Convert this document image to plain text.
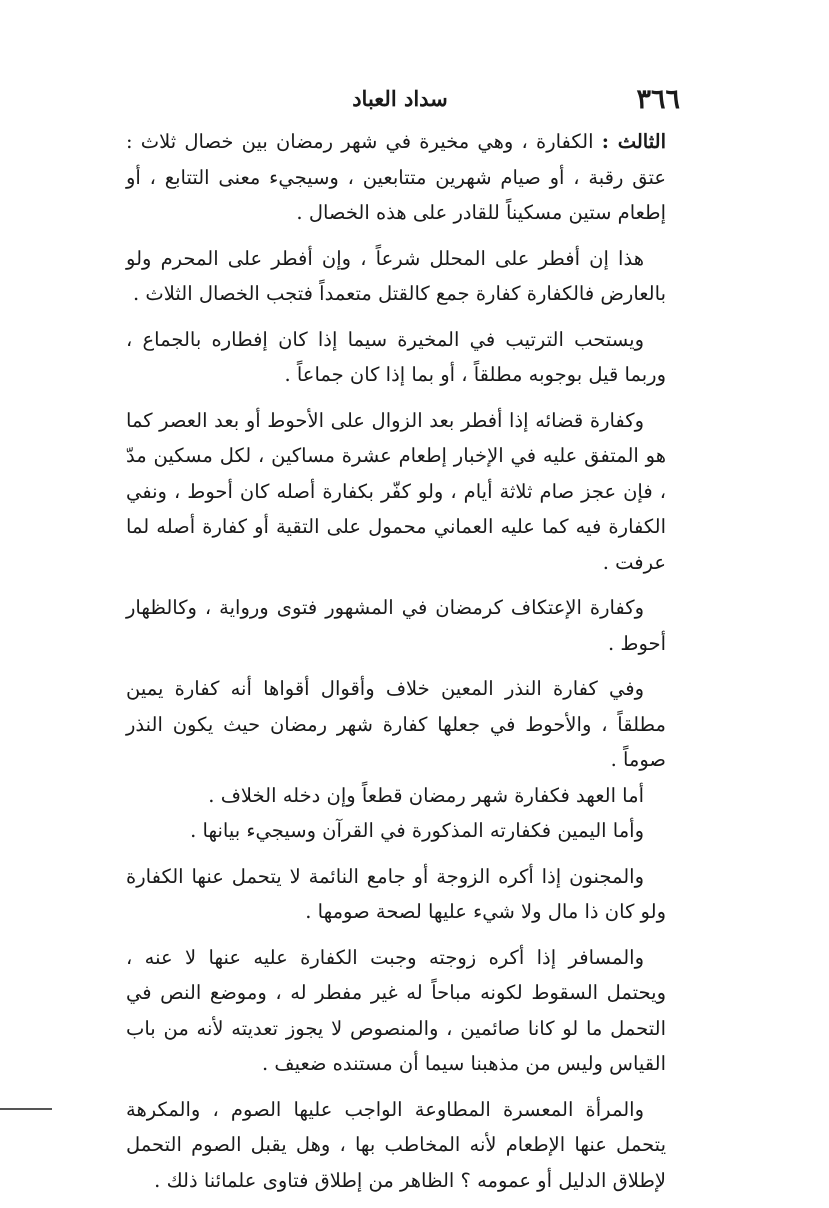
٣٦٦
سداد العباد

الثالث : الكفارة ، وهي مخيرة في شهر رمضان بين خصال ثلاث : عتق رقبة ، أو صيام شهرين متتابعين ، وسيجيء معنى التتابع ، أو إطعام ستين مسكيناً للقادر على هذه الخصال .

هذا إن أفطر على المحلل شرعاً ، وإن أفطر على المحرم ولو بالعارض فالكفارة كفارة جمع كالقتل متعمداً فتجب الخصال الثلاث .

ويستحب الترتيب في المخيرة سيما إذا كان إفطاره بالجماع ، وربما قيل بوجوبه مطلقاً ، أو بما إذا كان جماعاً .

وكفارة قضائه إذا أفطر بعد الزوال على الأحوط أو بعد العصر كما هو المتفق عليه في الإخبار إطعام عشرة مساكين ، لكل مسكين مدّ ، فإن عجز صام ثلاثة أيام ، ولو كفّر بكفارة أصله كان أحوط ، ونفي الكفارة فيه كما عليه العماني محمول على التقية أو كفارة أصله لما عرفت .

وكفارة الإعتكاف كرمضان في المشهور فتوى ورواية ، وكالظهار أحوط .

وفي كفارة النذر المعين خلاف وأقوال أقواها أنه كفارة يمين مطلقاً ، والأحوط في جعلها كفارة شهر رمضان حيث يكون النذر صوماً .

أما العهد فكفارة شهر رمضان قطعاً وإن دخله الخلاف .

وأما اليمين فكفارته المذكورة في القرآن وسيجيء بيانها .

والمجنون إذا أكره الزوجة أو جامع النائمة لا يتحمل عنها الكفارة ولو كان ذا مال ولا شيء عليها لصحة صومها .

والمسافر إذا أكره زوجته وجبت الكفارة عليه عنها لا عنه ، ويحتمل السقوط لكونه مباحاً له غير مفطر له ، وموضع النص في التحمل ما لو كانا صائمين ، والمنصوص لا يجوز تعديته لأنه من باب القياس وليس من مذهبنا سيما أن مستنده ضعيف .

والمرأة المعسرة المطاوعة الواجب عليها الصوم ، والمكرهة يتحمل عنها الإطعام لأنه المخاطب بها ، وهل يقبل الصوم التحمل لإطلاق الدليل أو عمومه ؟ الظاهر من إطلاق فتاوى علمائنا ذلك .
